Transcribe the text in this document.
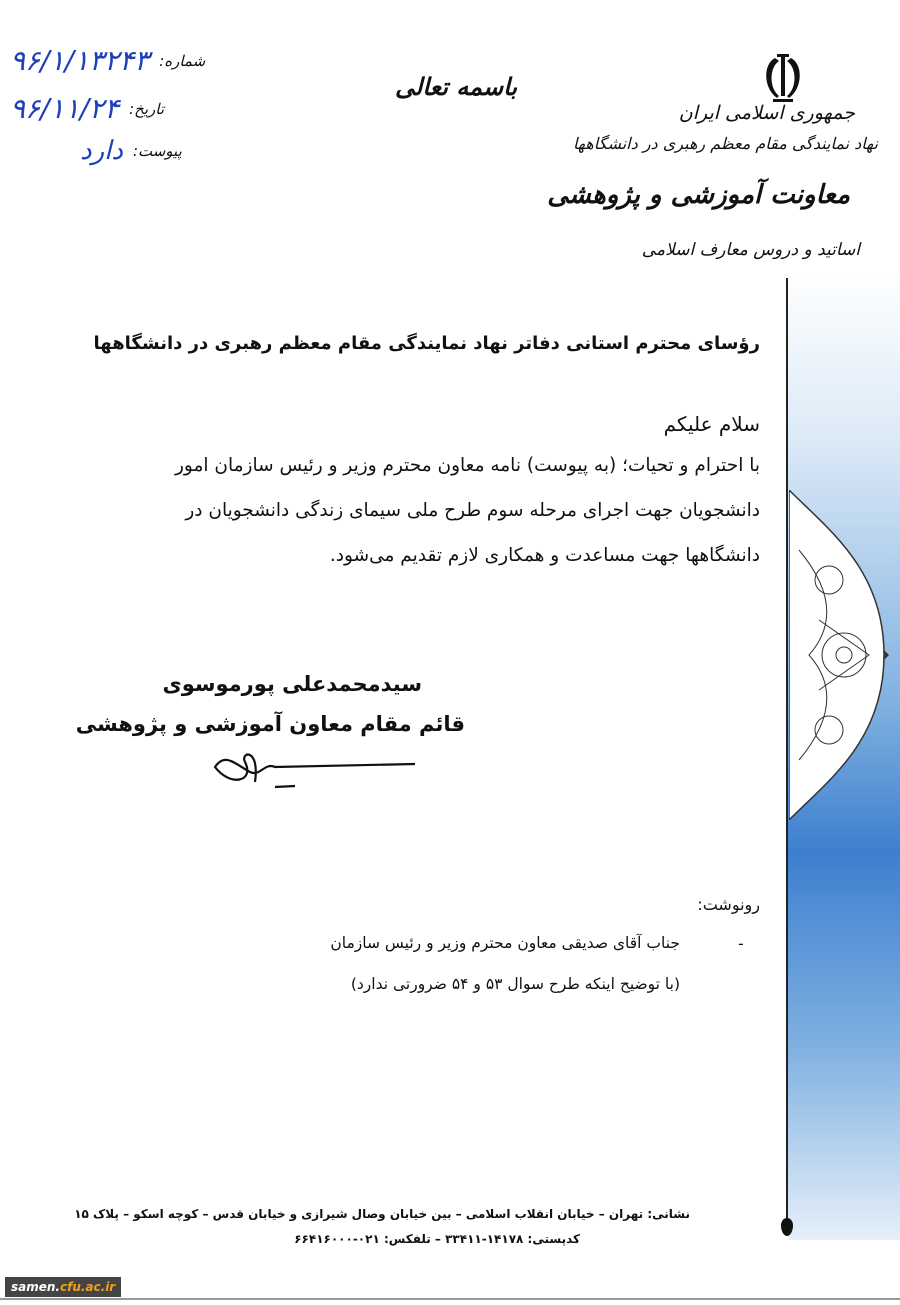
جمهوری اسلامی ایران
نهاد نمایندگی مقام معظم رهبری در دانشگاهها
معاونت آموزشی و پژوهشی
اساتید و دروس معارف اسلامی
باسمه تعالی
۹۶/۱/۱۳۲۴۳ شماره:
۹۶/۱۱/۲۴ تاریخ:
دارد پیوست:
رؤسای محترم استانی دفاتر نهاد نمایندگی مقام معظم رهبری در دانشگاهها
سلام علیکم
با احترام و تحیات؛ (به پیوست) نامه معاون محترم وزیر و رئیس سازمان امور
دانشجویان جهت اجرای مرحله سوم طرح ملی سیمای زندگی دانشجویان در
دانشگاهها جهت مساعدت و همکاری لازم تقدیم می‌شود.
سیدمحمدعلی پورموسوی
قائم مقام معاون آموزشی و پژوهشی
رونوشت:
-
جناب آقای صدیقی معاون محترم وزیر و رئیس سازمان
(با توضیح اینکه طرح سوال ۵۳ و ۵۴ ضرورتی ندارد)
نشانی: تهران – خیابان انقلاب اسلامی – بین خیابان وصال شیرازی و خیابان قدس – کوچه اسکو – پلاک ۱۵
کدپستی: ۱۴۱۷۸-۳۳۴۱۱ – تلفکس: ۰۲۱-۶۶۴۱۶۰۰۰
samen.cfu.ac.ir
